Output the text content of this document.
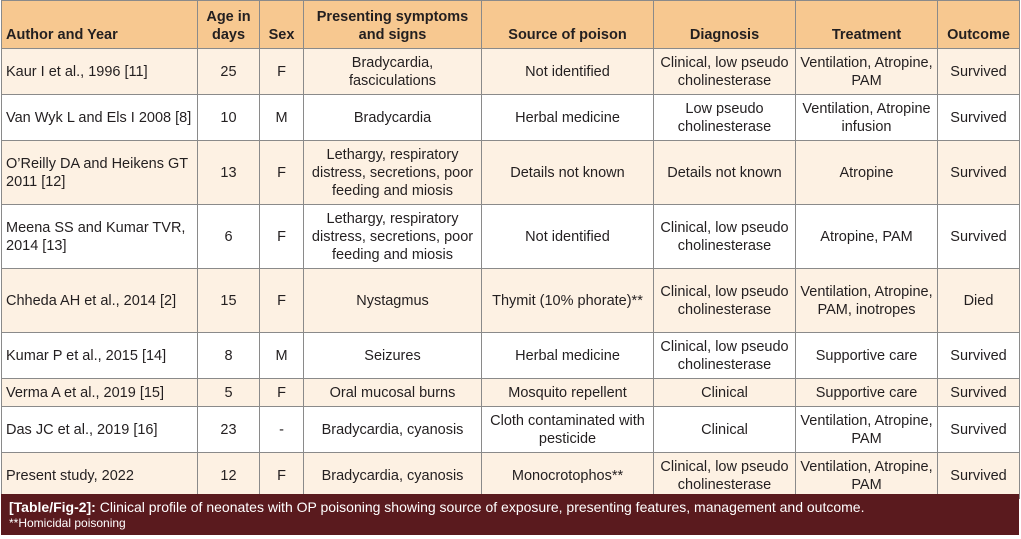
Author and Year	Age in days	Sex	Presenting symptoms and signs	Source of poison	Diagnosis	Treatment	Outcome
Kaur I et al., 1996 [11]	25	F	Bradycardia, fasciculations	Not identified	Clinical, low pseudo cholinesterase	Ventilation, Atropine, PAM	Survived
Van Wyk L and Els I 2008 [8]	10	M	Bradycardia	Herbal medicine	Low pseudo cholinesterase	Ventilation, Atropine infusion	Survived
O’Reilly DA and Heikens GT 2011 [12]	13	F	Lethargy, respiratory distress, secretions, poor feeding and miosis	Details not known	Details not known	Atropine	Survived
Meena SS and Kumar TVR, 2014 [13]	6	F	Lethargy, respiratory distress, secretions, poor feeding and miosis	Not identified	Clinical, low pseudo cholinesterase	Atropine, PAM	Survived
Chheda AH et al., 2014 [2]	15	F	Nystagmus	Thymit (10% phorate)**	Clinical, low pseudo cholinesterase	Ventilation, Atropine, PAM, inotropes	Died
Kumar P et al., 2015 [14]	8	M	Seizures	Herbal medicine	Clinical, low pseudo cholinesterase	Supportive care	Survived
Verma A et al., 2019 [15]	5	F	Oral mucosal burns	Mosquito repellent	Clinical	Supportive care	Survived
Das JC et al., 2019 [16]	23	-	Bradycardia, cyanosis	Cloth contaminated with pesticide	Clinical	Ventilation, Atropine, PAM	Survived
Present study, 2022	12	F	Bradycardia, cyanosis	Monocrotophos**	Clinical, low pseudo cholinesterase	Ventilation, Atropine, PAM	Survived
[Table/Fig-2]: Clinical profile of neonates with OP poisoning showing source of exposure, presenting features, management and outcome.
**Homicidal poisoning
